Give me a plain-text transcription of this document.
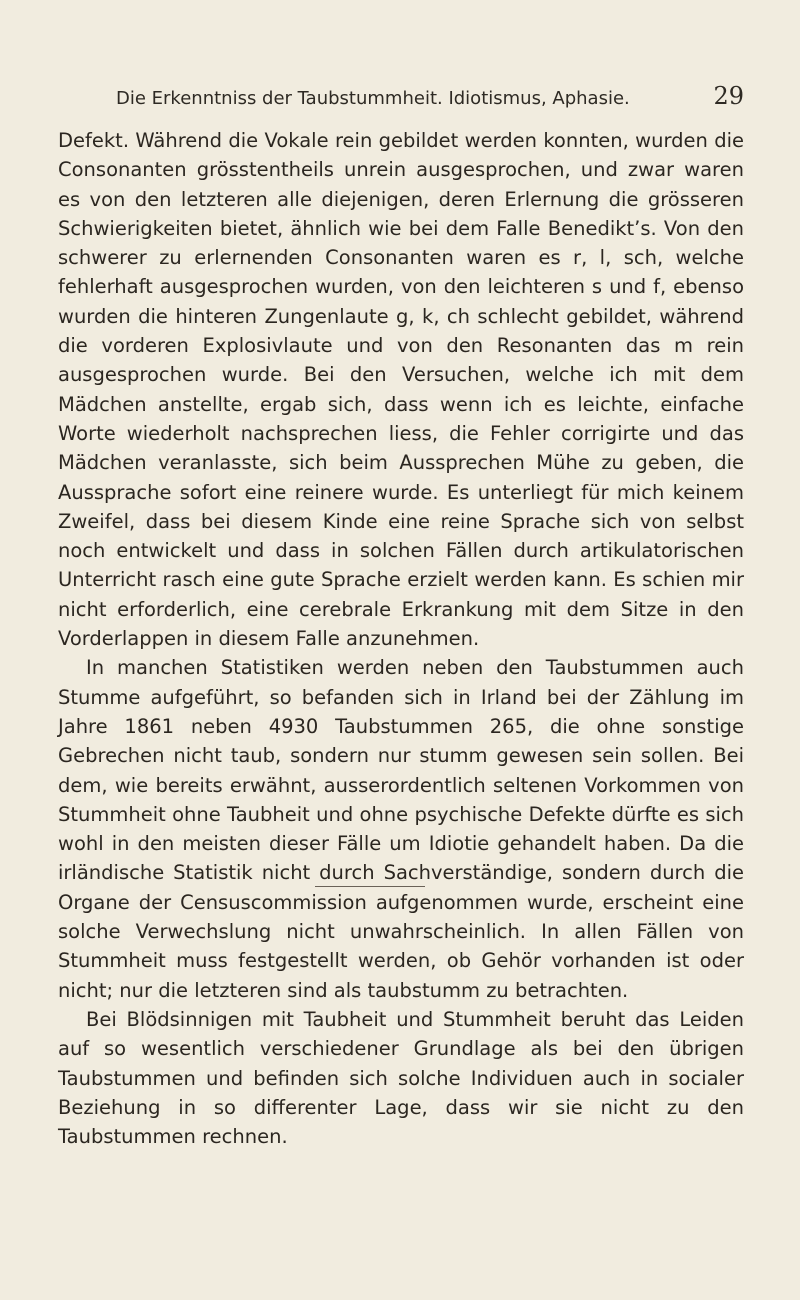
Die Erkenntniss der Taubstummheit. Idiotismus, Aphasie.	29

Defekt. Während die Vokale rein gebildet werden konnten, wurden die Consonanten grösstentheils unrein ausgesprochen, und zwar waren es von den letzteren alle diejenigen, deren Erlernung die grösseren Schwierigkeiten bietet, ähnlich wie bei dem Falle Benedikt’s. Von den schwerer zu erlernenden Consonanten waren es r, l, sch, welche fehlerhaft ausgesprochen wurden, von den leichteren s und f, ebenso wurden die hinteren Zungenlaute g, k, ch schlecht gebildet, während die vorderen Explosivlaute und von den Resonanten das m rein ausgesprochen wurde. Bei den Versuchen, welche ich mit dem Mädchen anstellte, ergab sich, dass wenn ich es leichte, einfache Worte wiederholt nachsprechen liess, die Fehler corrigirte und das Mädchen veranlasste, sich beim Aussprechen Mühe zu geben, die Aussprache sofort eine reinere wurde. Es unterliegt für mich keinem Zweifel, dass bei diesem Kinde eine reine Sprache sich von selbst noch entwickelt und dass in solchen Fällen durch artikulatorischen Unterricht rasch eine gute Sprache erzielt werden kann. Es schien mir nicht erforderlich, eine cerebrale Erkrankung mit dem Sitze in den Vorderlappen in diesem Falle anzunehmen.

In manchen Statistiken werden neben den Taubstummen auch Stumme aufgeführt, so befanden sich in Irland bei der Zählung im Jahre 1861 neben 4930 Taubstummen 265, die ohne sonstige Gebrechen nicht taub, sondern nur stumm gewesen sein sollen. Bei dem, wie bereits erwähnt, ausserordentlich seltenen Vorkommen von Stummheit ohne Taubheit und ohne psychische Defekte dürfte es sich wohl in den meisten dieser Fälle um Idiotie gehandelt haben. Da die irländische Statistik nicht durch Sachverständige, sondern durch die Organe der Censuscommission aufgenommen wurde, erscheint eine solche Verwechslung nicht unwahrscheinlich. In allen Fällen von Stummheit muss festgestellt werden, ob Gehör vorhanden ist oder nicht; nur die letzteren sind als taubstumm zu betrachten.

Bei Blödsinnigen mit Taubheit und Stummheit beruht das Leiden auf so wesentlich verschiedener Grundlage als bei den übrigen Taubstummen und befinden sich solche Individuen auch in socialer Beziehung in so differenter Lage, dass wir sie nicht zu den Taubstummen rechnen.
